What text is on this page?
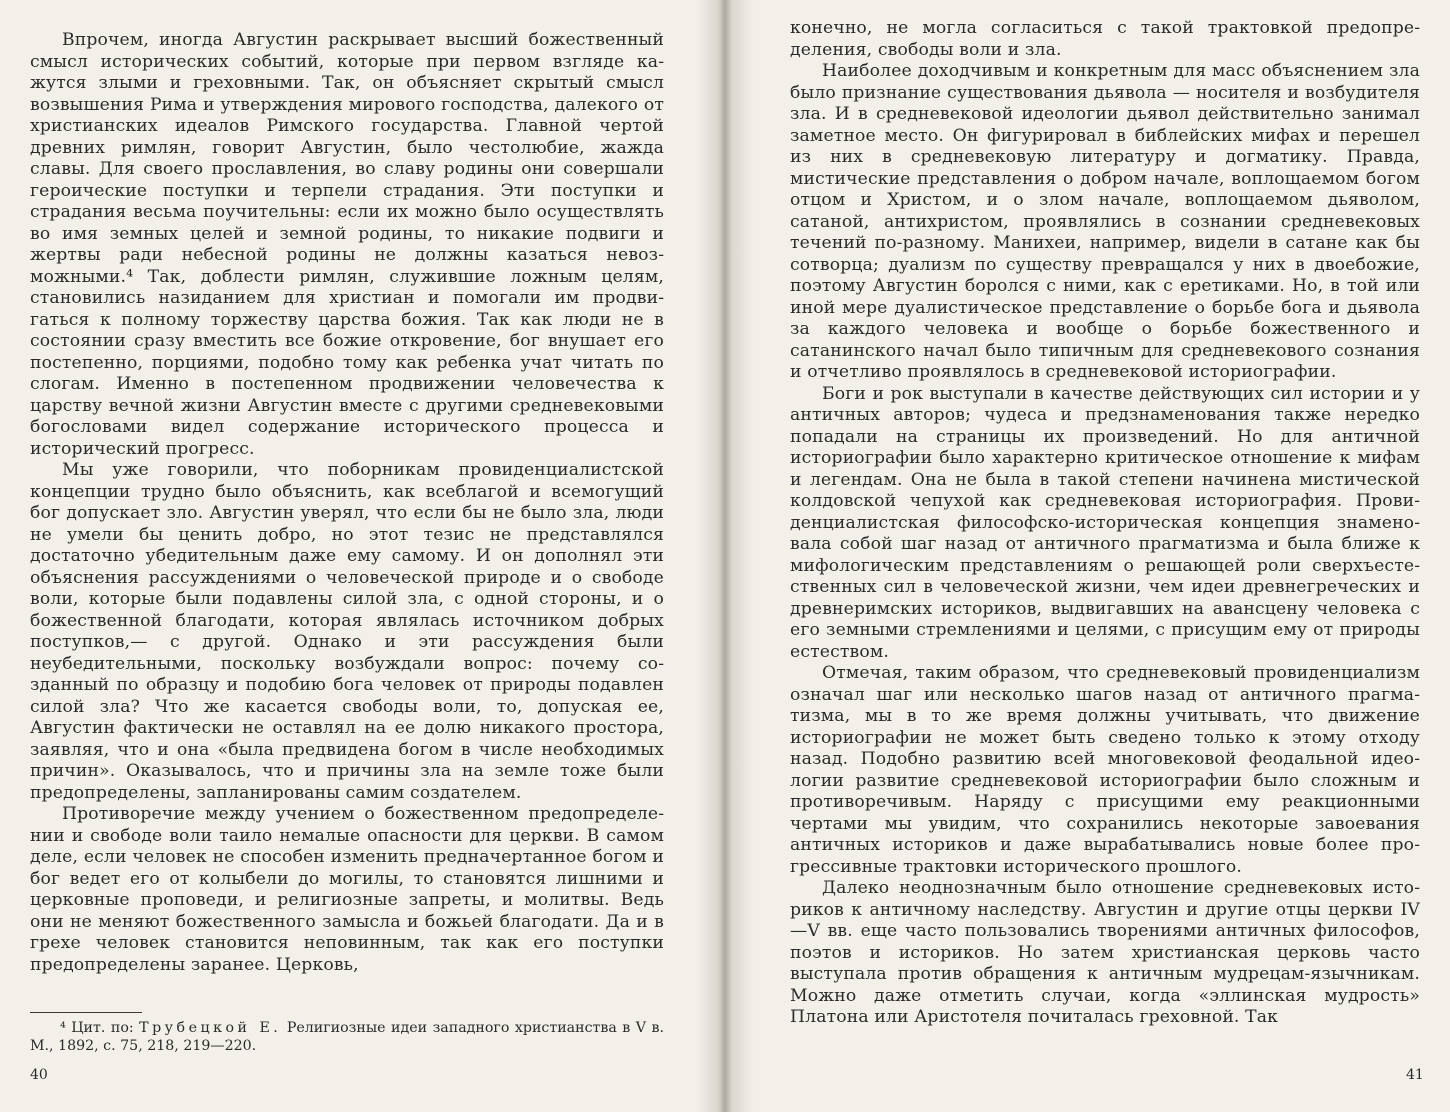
Впрочем, иногда Августин раскрывает высший божественный смысл исторических событий, которые при первом взгляде кажутся злыми и греховными. Так, он объясняет скрытый смысл возвышения Рима и утверждения мирового господства, далекого от христианских идеалов Римского государства. Главной чертой древних римлян, говорит Августин, было честолюбие, жажда славы. Для своего прославления, во славу родины они совершали героические поступки и терпели страдания. Эти поступки и страдания весьма поучительны: если их можно было осуществлять во имя земных целей и земной родины, то никакие подвиги и жертвы ради небесной родины не должны казаться невозможными.⁴ Так, доблести римлян, служившие ложным целям, становились назиданием для христиан и помогали им продвигаться к полному торжеству царства божия. Так как люди не в состоянии сразу вместить все божие откровение, бог внушает его постепенно, порциями, подобно тому как ребенка учат читать по слогам. Именно в постепенном продвижении человечества к царству вечной жизни Августин вместе с другими средневековыми богословами видел содержание исторического процесса и исторический прогресс.

Мы уже говорили, что поборникам провиденциалистской концепции трудно было объяснить, как всеблагой и всемогущий бог допускает зло. Августин уверял, что если бы не было зла, люди не умели бы ценить добро, но этот тезис не представлялся достаточно убедительным даже ему самому. И он дополнял эти объяснения рассуждениями о человеческой природе и о свободе воли, которые были подавлены силой зла, с одной стороны, и о божественной благодати, которая являлась источником добрых поступков,— с другой. Однако и эти рассуждения были неубедительными, поскольку возбуждали вопрос: почему созданный по образцу и подобию бога человек от природы подавлен силой зла? Что же касается свободы воли, то, допуская ее, Августин фактически не оставлял на ее долю никакого простора, заявляя, что и она «была предвидена богом в числе необходимых причин». Оказывалось, что и причины зла на земле тоже были предопределены, запланированы самим создателем.

Противоречие между учением о божественном предопределении и свободе воли таило немалые опасности для церкви. В самом деле, если человек не способен изменить предначертанное богом и бог ведет его от колыбели до могилы, то становятся лишними и церковные проповеди, и религиозные запреты, и молитвы. Ведь они не меняют божественного замысла и божьей благодати. Да и в грехе человек становится неповинным, так как его поступки предопределены заранее. Церковь,

⁴ Цит. по: Трубецкой Е. Религиозные идеи западного христианства в V в. М., 1892, с. 75, 218, 219—220.

40

конечно, не могла согласиться с такой трактовкой предопределения, свободы воли и зла.

Наиболее доходчивым и конкретным для масс объяснением зла было признание существования дьявола — носителя и возбудителя зла. И в средневековой идеологии дьявол действительно занимал заметное место. Он фигурировал в библейских мифах и перешел из них в средневековую литературу и догматику. Правда, мистические представления о добром начале, воплощаемом богом отцом и Христом, и о злом начале, воплощаемом дьяволом, сатаной, антихристом, проявлялись в сознании средневековых течений по-разному. Манихеи, например, видели в сатане как бы сотворца; дуализм по существу превращался у них в двоебожие, поэтому Августин боролся с ними, как с еретиками. Но, в той или иной мере дуалистическое представление о борьбе бога и дьявола за каждого человека и вообще о борьбе божественного и сатанинского начал было типичным для средневекового сознания и отчетливо проявлялось в средневековой историографии.

Боги и рок выступали в качестве действующих сил истории и у античных авторов; чудеса и предзнаменования также нередко попадали на страницы их произведений. Но для античной историографии было характерно критическое отношение к мифам и легендам. Она не была в такой степени начинена мистической колдовской чепухой как средневековая историография. Провиденциалистская философско-историческая концепция знаменовала собой шаг назад от античного прагматизма и была ближе к мифологическим представлениям о решающей роли сверхъестественных сил в человеческой жизни, чем идеи древнегреческих и древнеримских историков, выдвигавших на авансцену человека с его земными стремлениями и целями, с присущим ему от природы естеством.

Отмечая, таким образом, что средневековый провиденциализм означал шаг или несколько шагов назад от античного прагматизма, мы в то же время должны учитывать, что движение историографии не может быть сведено только к этому отходу назад. Подобно развитию всей многовековой феодальной идеологии развитие средневековой историографии было сложным и противоречивым. Наряду с присущими ему реакционными чертами мы увидим, что сохранились некоторые завоевания античных историков и даже вырабатывались новые более прогрессивные трактовки исторического прошлого.

Далеко неоднозначным было отношение средневековых историков к античному наследству. Августин и другие отцы церкви IV—V вв. еще часто пользовались творениями античных философов, поэтов и историков. Но затем христианская церковь часто выступала против обращения к античным мудрецам-язычникам. Можно даже отметить случаи, когда «эллинская мудрость» Платона или Аристотеля почиталась греховной. Так

41
